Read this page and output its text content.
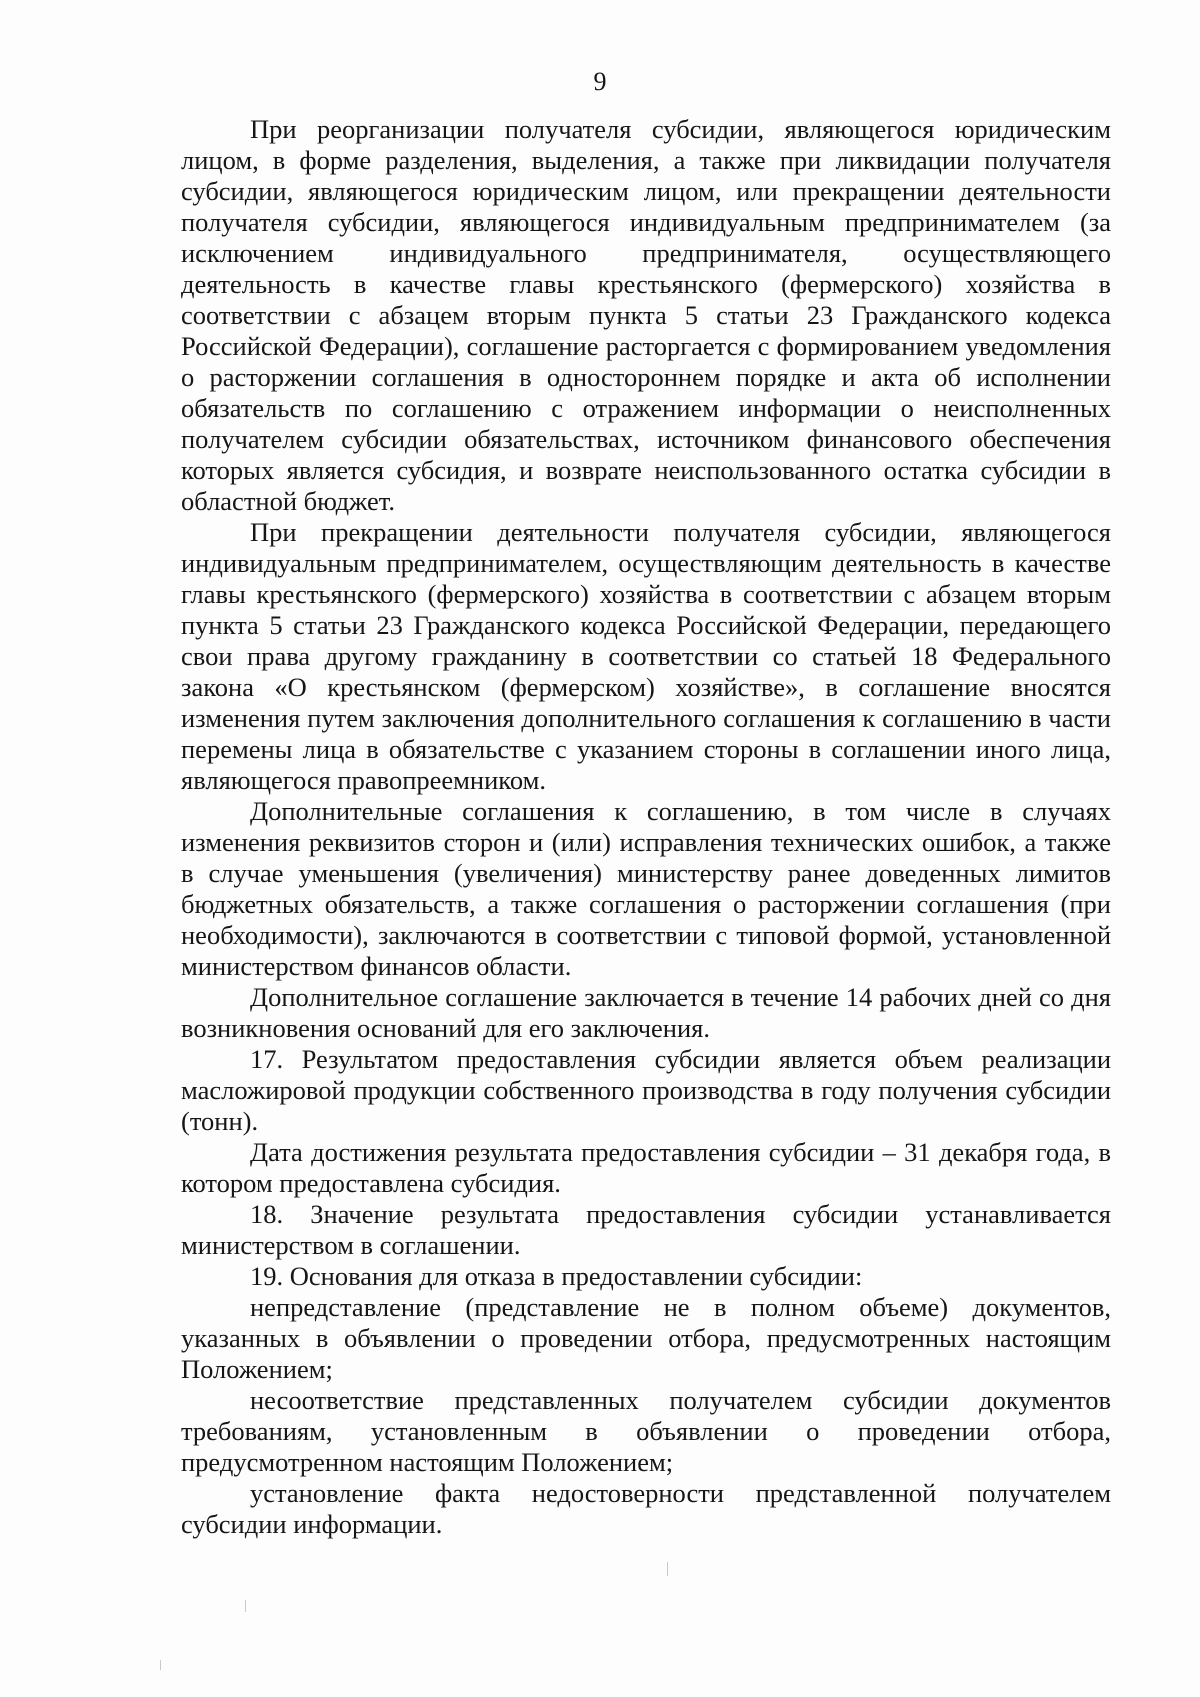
9

При реорганизации получателя субсидии, являющегося юридическим лицом, в форме разделения, выделения, а также при ликвидации получателя субсидии, являющегося юридическим лицом, или прекращении деятельности получателя субсидии, являющегося индивидуальным предпринимателем (за исключением индивидуального предпринимателя, осуществляющего деятельность в качестве главы крестьянского (фермерского) хозяйства в соответствии с абзацем вторым пункта 5 статьи 23 Гражданского кодекса Российской Федерации), соглашение расторгается с формированием уведомления о расторжении соглашения в одностороннем порядке и акта об исполнении обязательств по соглашению с отражением информации о неисполненных получателем субсидии обязательствах, источником финансового обеспечения которых является субсидия, и возврате неиспользованного остатка субсидии в областной бюджет.

При прекращении деятельности получателя субсидии, являющегося индивидуальным предпринимателем, осуществляющим деятельность в качестве главы крестьянского (фермерского) хозяйства в соответствии с абзацем вторым пункта 5 статьи 23 Гражданского кодекса Российской Федерации, передающего свои права другому гражданину в соответствии со статьей 18 Федерального закона «О крестьянском (фермерском) хозяйстве», в соглашение вносятся изменения путем заключения дополнительного соглашения к соглашению в части перемены лица в обязательстве с указанием стороны в соглашении иного лица, являющегося правопреемником.

Дополнительные соглашения к соглашению, в том числе в случаях изменения реквизитов сторон и (или) исправления технических ошибок, а также в случае уменьшения (увеличения) министерству ранее доведенных лимитов бюджетных обязательств, а также соглашения о расторжении соглашения (при необходимости), заключаются в соответствии с типовой формой, установленной министерством финансов области.

Дополнительное соглашение заключается в течение 14 рабочих дней со дня возникновения оснований для его заключения.

17. Результатом предоставления субсидии является объем реализации масложировой продукции собственного производства в году получения субсидии (тонн).

Дата достижения результата предоставления субсидии – 31 декабря года, в котором предоставлена субсидия.

18. Значение результата предоставления субсидии устанавливается министерством в соглашении.

19. Основания для отказа в предоставлении субсидии:

непредставление (представление не в полном объеме) документов, указанных в объявлении о проведении отбора, предусмотренных настоящим Положением;

несоответствие представленных получателем субсидии документов требованиям, установленным в объявлении о проведении отбора, предусмотренном настоящим Положением;

установление факта недостоверности представленной получателем субсидии информации.
